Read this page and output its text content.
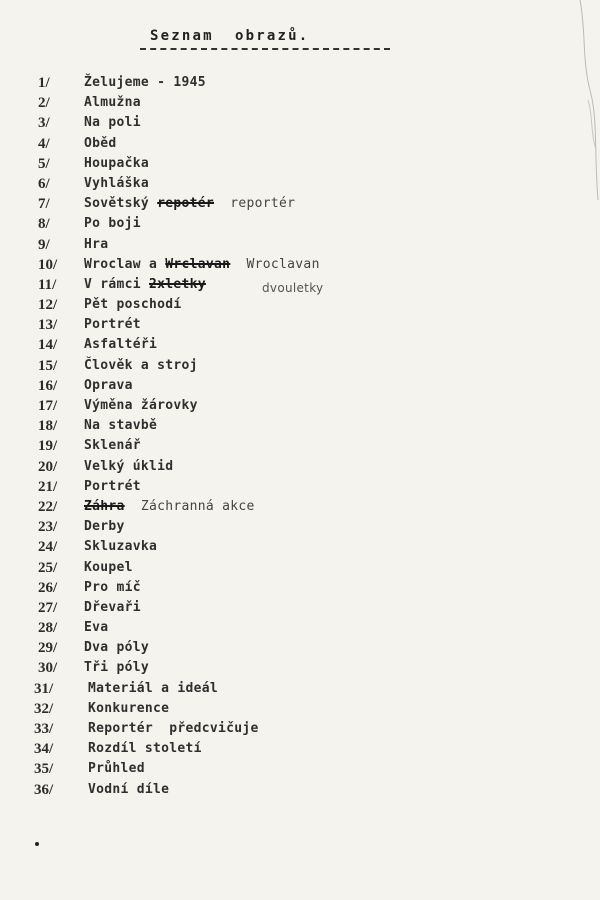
Seznam  obrazů.
1/	Želujeme - 1945
2/	Almužna
3/	Na poli
4/	Oběd
5/	Houpačka
6/	Vyhláška
7/	Sovětský repotér  reportér
8/	Po boji
9/	Hra
10/ Wroclaw a Wrclavan  Wroclavan
11/ V rámci 2xletky	dvouletky
12/ Pět poschodí
13/ Portrét
14/ Asfaltéři
15/ Člověk a stroj
16/ Oprava
17/ Výměna žárovky
18/ Na stavbě
19/ Sklenář
20/ Velký úklid
21/ Portrét
22/ Záhra  Záchranná akce
23/ Derby
24/ Skluzavka
25/ Koupel
26/ Pro míč
27/ Dřevaři
28/ Eva
29/ Dva póly
30/ Tři póly
31/	Materiál a ideál
32/	Konkurence
33/	Reportér  předcvičuje
34/	Rozdíl století
35/	Průhled
36/	Vodní díle
